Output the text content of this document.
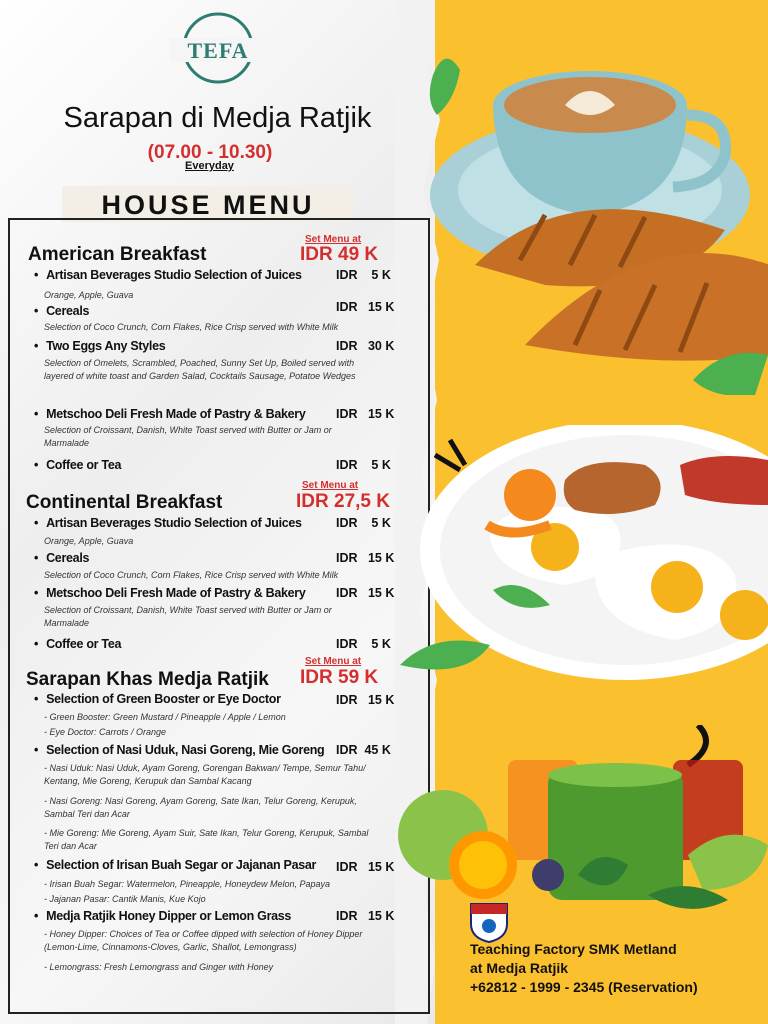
TEFA
Sarapan di Medja Ratjik
(07.00 - 10.30)
Everyday
HOUSE MENU
American Breakfast
Set Menu at
IDR 49 K
• Artisan Beverages Studio Selection of Juices	IDR    5 K
Orange, Apple, Guava
• Cereals	IDR   15 K
Selection of Coco Crunch, Corn Flakes, Rice Crisp served with White Milk
• Two Eggs Any Styles	IDR   30 K
Selection of Omelets, Scrambled, Poached, Sunny Set Up, Boiled served with layered of white toast and Garden Salad, Cocktails Sausage, Potatoe Wedges
• Metschoo Deli Fresh Made of Pastry & Bakery IDR   15 K
Selection of Croissant, Danish, White Toast served with Butter or Jam or Marmalade
• Coffee or Tea	IDR    5 K
Continental Breakfast
Set Menu at
IDR 27,5 K
• Artisan Beverages Studio Selection of Juices	IDR    5 K
Orange, Apple, Guava
• Cereals	IDR   15 K
Selection of Coco Crunch, Corn Flakes, Rice Crisp served with White Milk
• Metschoo Deli Fresh Made of Pastry & Bakery IDR   15 K
Selection of Croissant, Danish, White Toast served with Butter or Jam or Marmalade
• Coffee or Tea	IDR    5 K
Sarapan Khas Medja Ratjik
Set Menu at
IDR 59 K
• Selection of Green Booster or Eye Doctor	IDR   15 K
- Green Booster: Green Mustard / Pineapple / Apple / Lemon
- Eye Doctor: Carrots / Orange
• Selection of Nasi Uduk, Nasi Goreng, Mie Goreng IDR  45 K
- Nasi Uduk: Nasi Uduk, Ayam Goreng, Gorengan Bakwan/ Tempe, Semur Tahu/ Kentang, Mie Goreng, Kerupuk dan Sambal Kacang
- Nasi Goreng: Nasi Goreng, Ayam Goreng, Sate Ikan, Telur Goreng, Kerupuk, Sambal Teri dan Acar
- Mie Goreng: Mie Goreng, Ayam Suir, Sate Ikan, Telur Goreng, Kerupuk, Sambal Teri dan Acar
• Selection of Irisan Buah Segar or Jajanan Pasar IDR   15 K
- Irisan Buah Segar: Watermelon, Pineapple, Honeydew Melon, Papaya
- Jajanan Pasar: Cantik Manis, Kue Kojo
• Medja Ratjik Honey Dipper or Lemon Grass	IDR   15 K
- Honey Dipper: Choices of Tea or Coffee dipped with selection of Honey Dipper (Lemon-Lime, Cinnamons-Cloves, Garlic, Shallot, Lemongrass)
- Lemongrass: Fresh Lemongrass and Ginger with Honey
Teaching Factory SMK Metland
at Medja Ratjik
+62812 - 1999 - 2345 (Reservation)
